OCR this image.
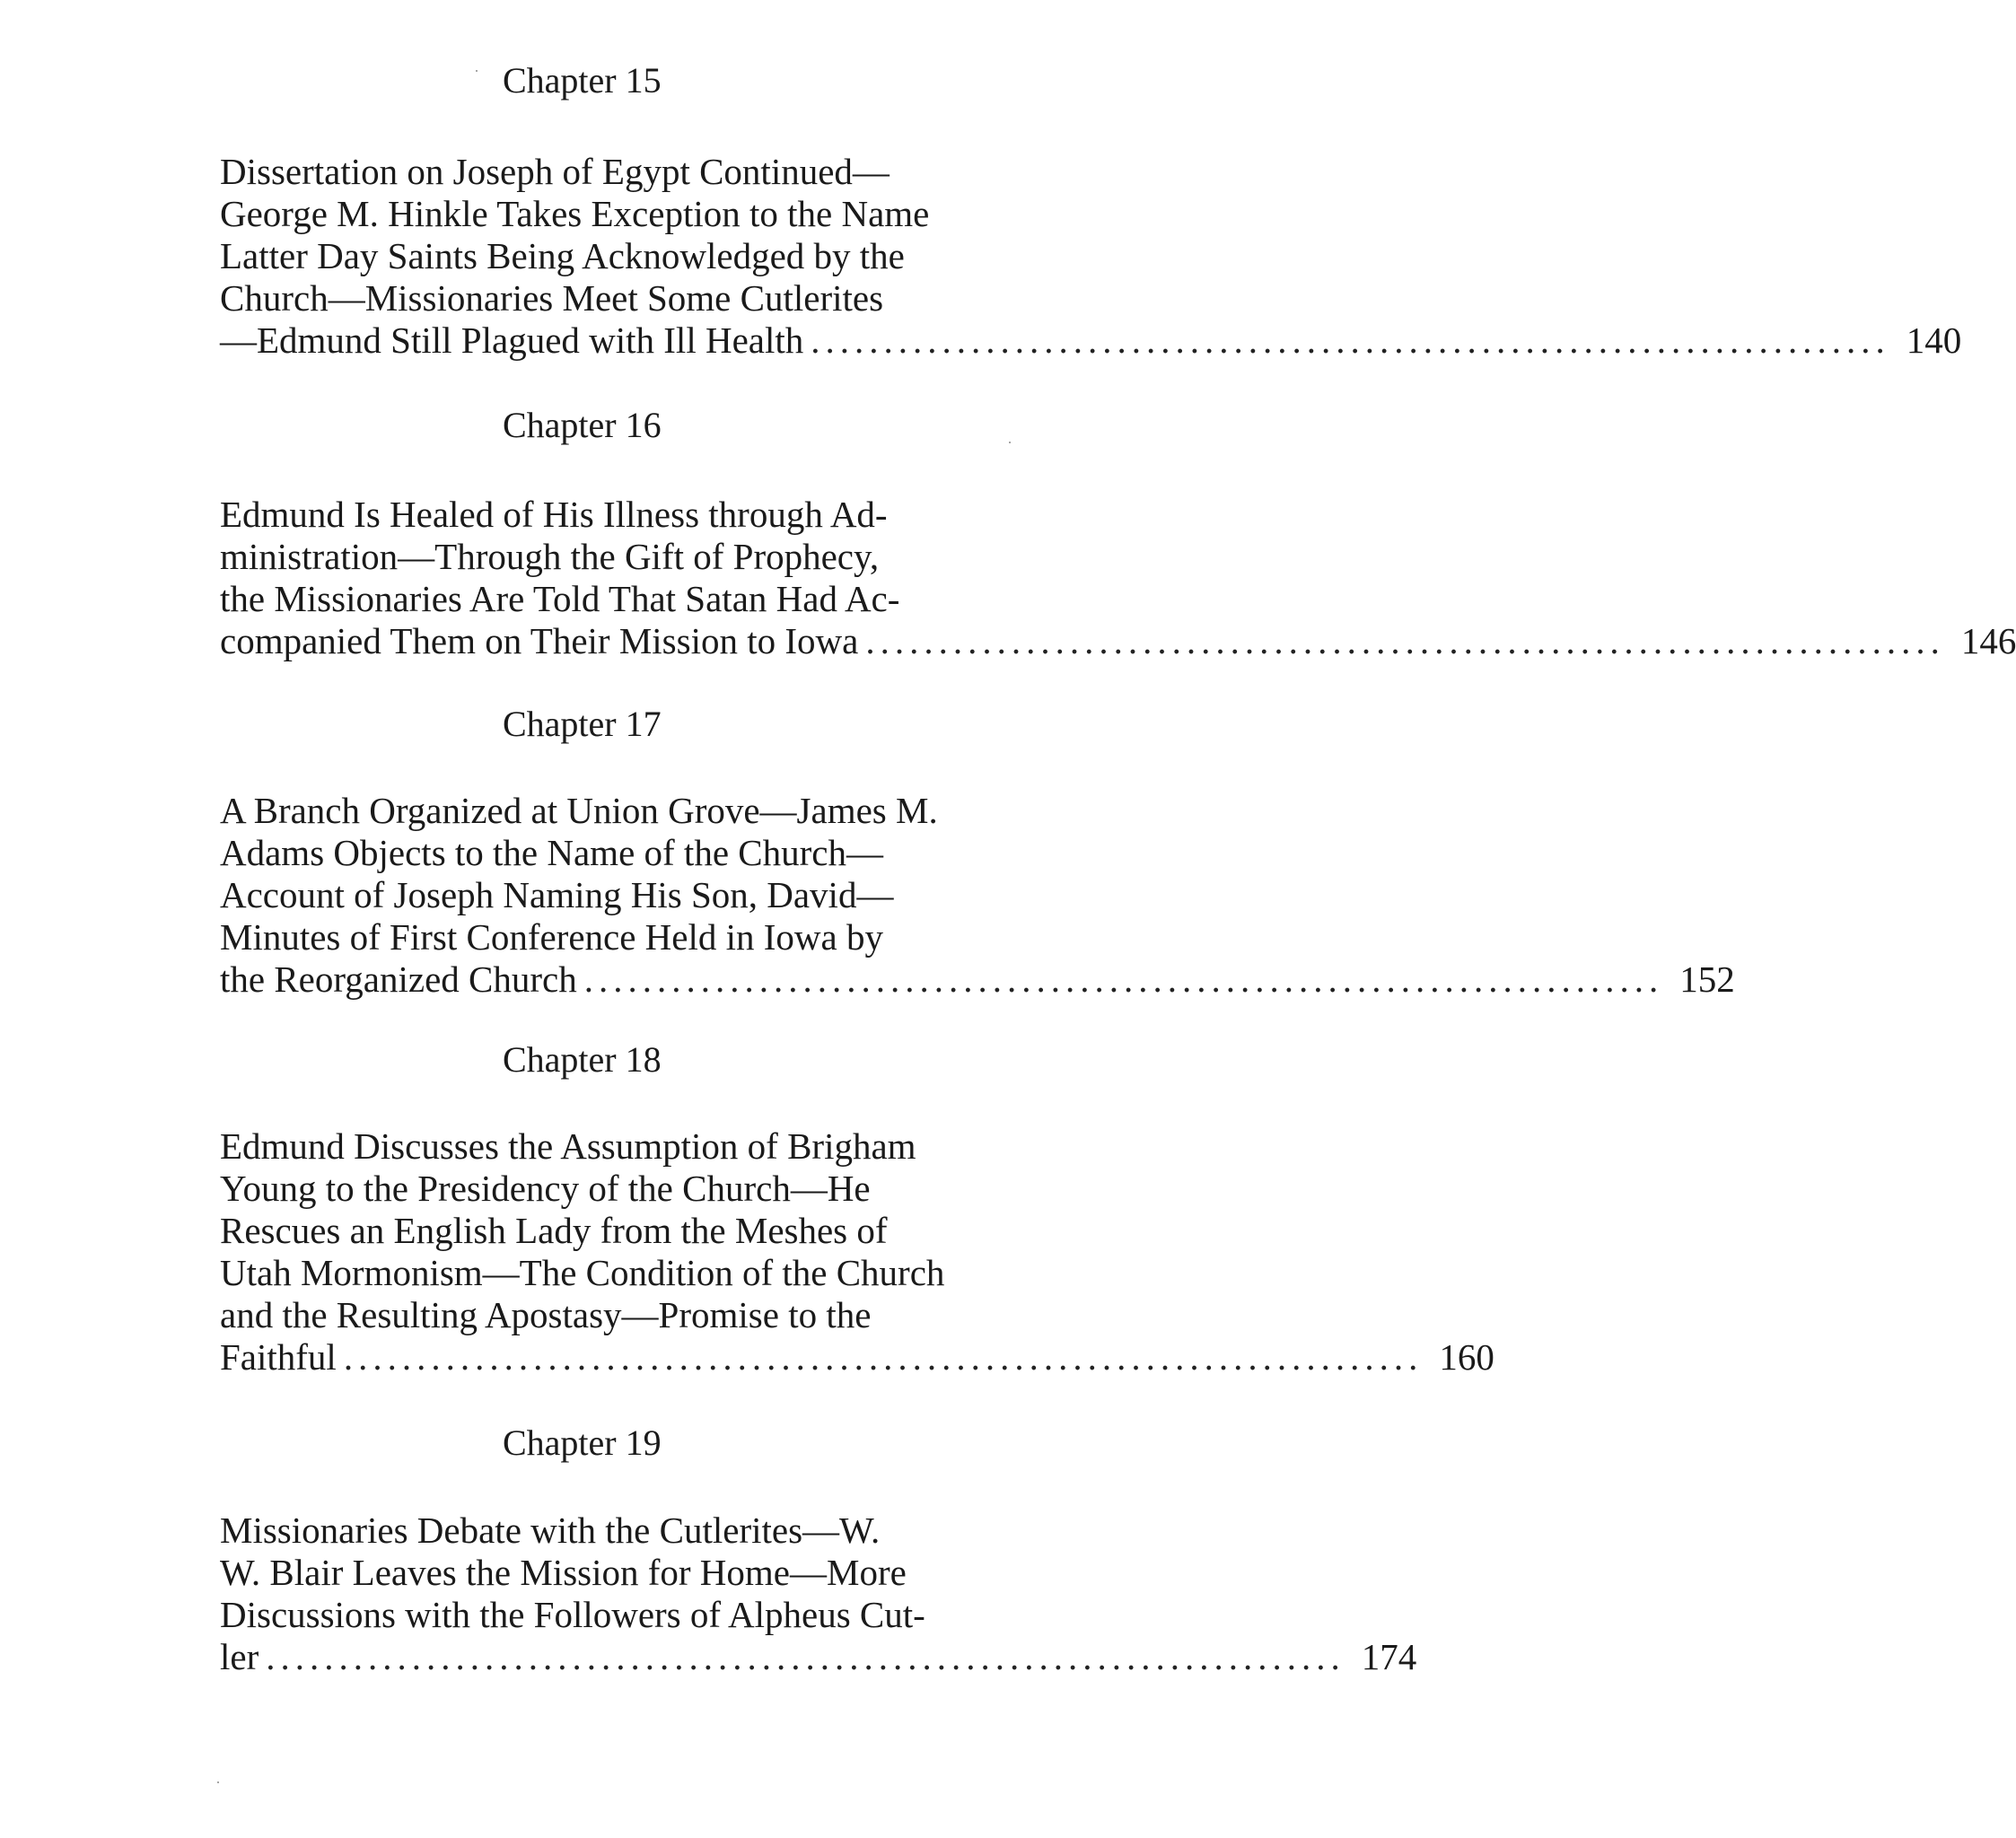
Chapter 15
Dissertation on Joseph of Egypt Continued—
George M. Hinkle Takes Exception to the Name
Latter Day Saints Being Acknowledged by the
Church—Missionaries Meet Some Cutlerites
—Edmund Still Plagued with Ill Health .......................................................................... 140
Chapter 16
Edmund Is Healed of His Illness through Ad-
ministration—Through the Gift of Prophecy,
the Missionaries Are Told That Satan Had Ac-
companied Them on Their Mission to Iowa .......................................................................... 146
Chapter 17
A Branch Organized at Union Grove—James M.
Adams Objects to the Name of the Church—
Account of Joseph Naming His Son, David—
Minutes of First Conference Held in Iowa by
the Reorganized Church .......................................................................... 152
Chapter 18
Edmund Discusses the Assumption of Brigham
Young to the Presidency of the Church—He
Rescues an English Lady from the Meshes of
Utah Mormonism—The Condition of the Church
and the Resulting Apostasy—Promise to the
Faithful .......................................................................... 160
Chapter 19
Missionaries Debate with the Cutlerites—W.
W. Blair Leaves the Mission for Home—More
Discussions with the Followers of Alpheus Cut-
ler .......................................................................... 174
